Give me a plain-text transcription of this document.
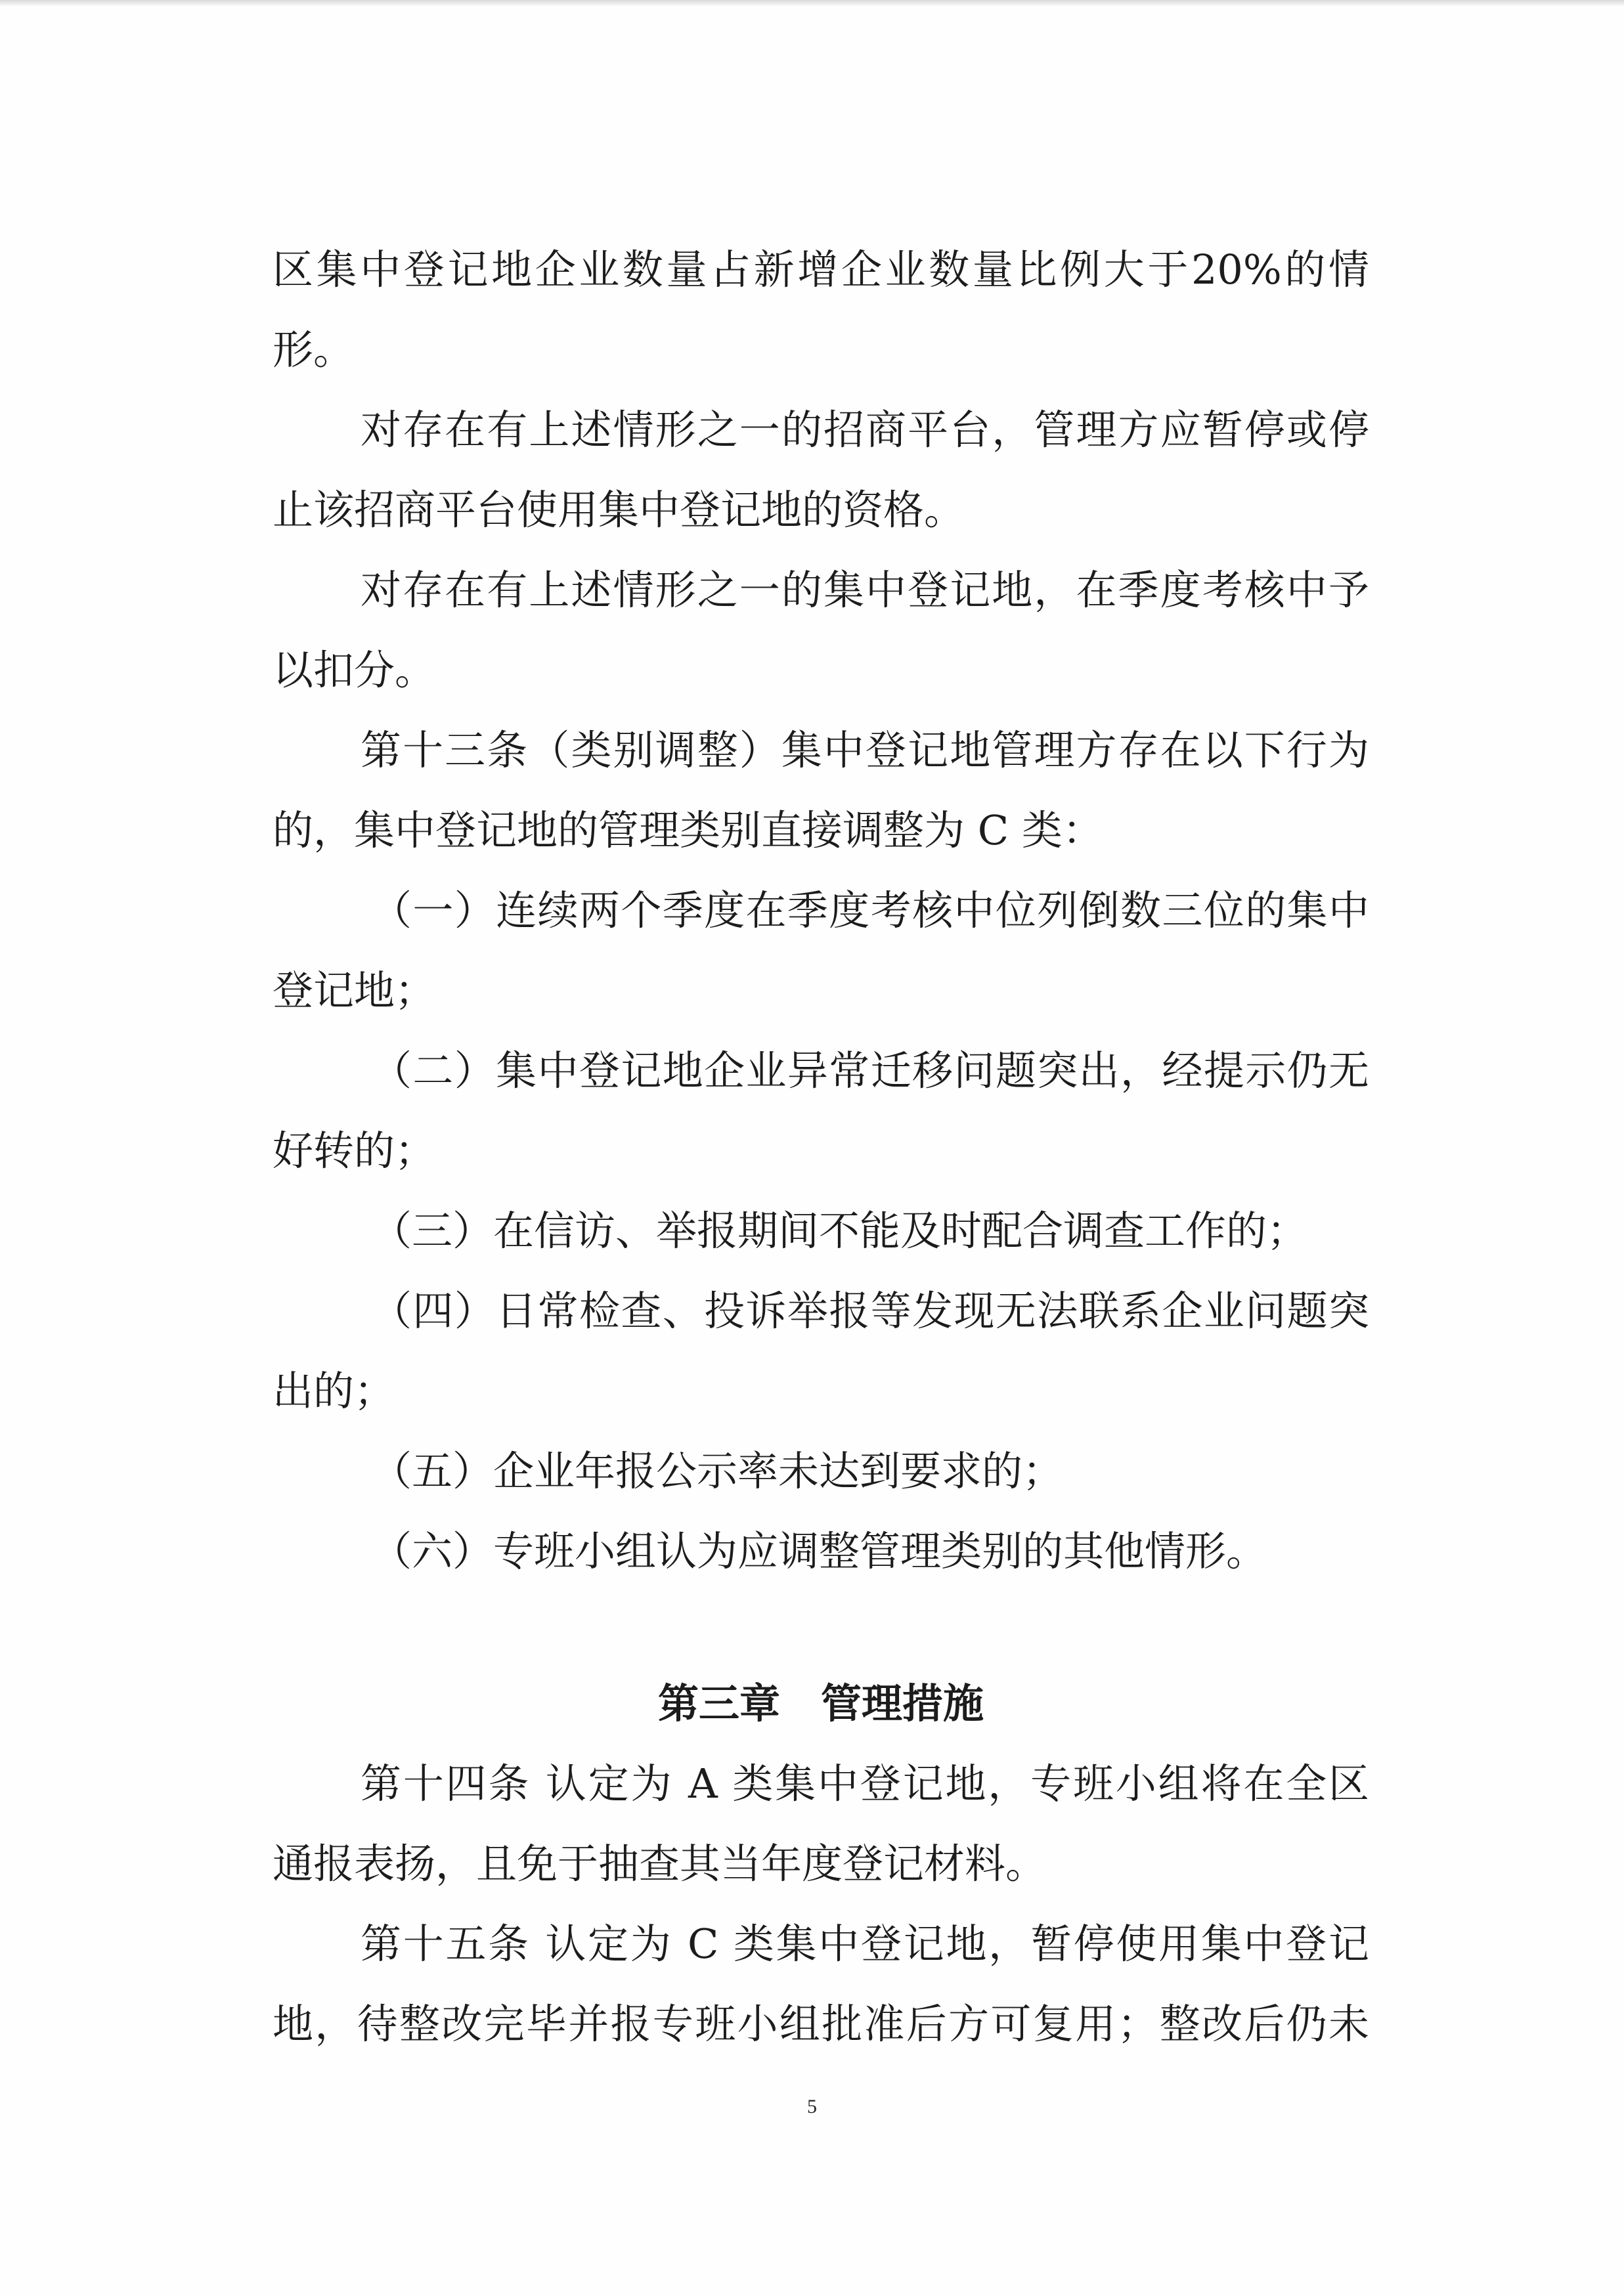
区集中登记地企业数量占新增企业数量比例大于20%的情
形。
对存在有上述情形之一的招商平台，管理方应暂停或停
止该招商平台使用集中登记地的资格。
对存在有上述情形之一的集中登记地，在季度考核中予
以扣分。
第十三条（类别调整）集中登记地管理方存在以下行为
的，集中登记地的管理类别直接调整为 C 类：
（一）连续两个季度在季度考核中位列倒数三位的集中
登记地；
（二）集中登记地企业异常迁移问题突出，经提示仍无
好转的；
（三）在信访、举报期间不能及时配合调查工作的；
（四）日常检查、投诉举报等发现无法联系企业问题突
出的；
（五）企业年报公示率未达到要求的；
（六）专班小组认为应调整管理类别的其他情形。
第三章　管理措施
第十四条 认定为 A 类集中登记地，专班小组将在全区
通报表扬，且免于抽查其当年度登记材料。
第十五条 认定为 C 类集中登记地，暂停使用集中登记
地，待整改完毕并报专班小组批准后方可复用；整改后仍未
5
